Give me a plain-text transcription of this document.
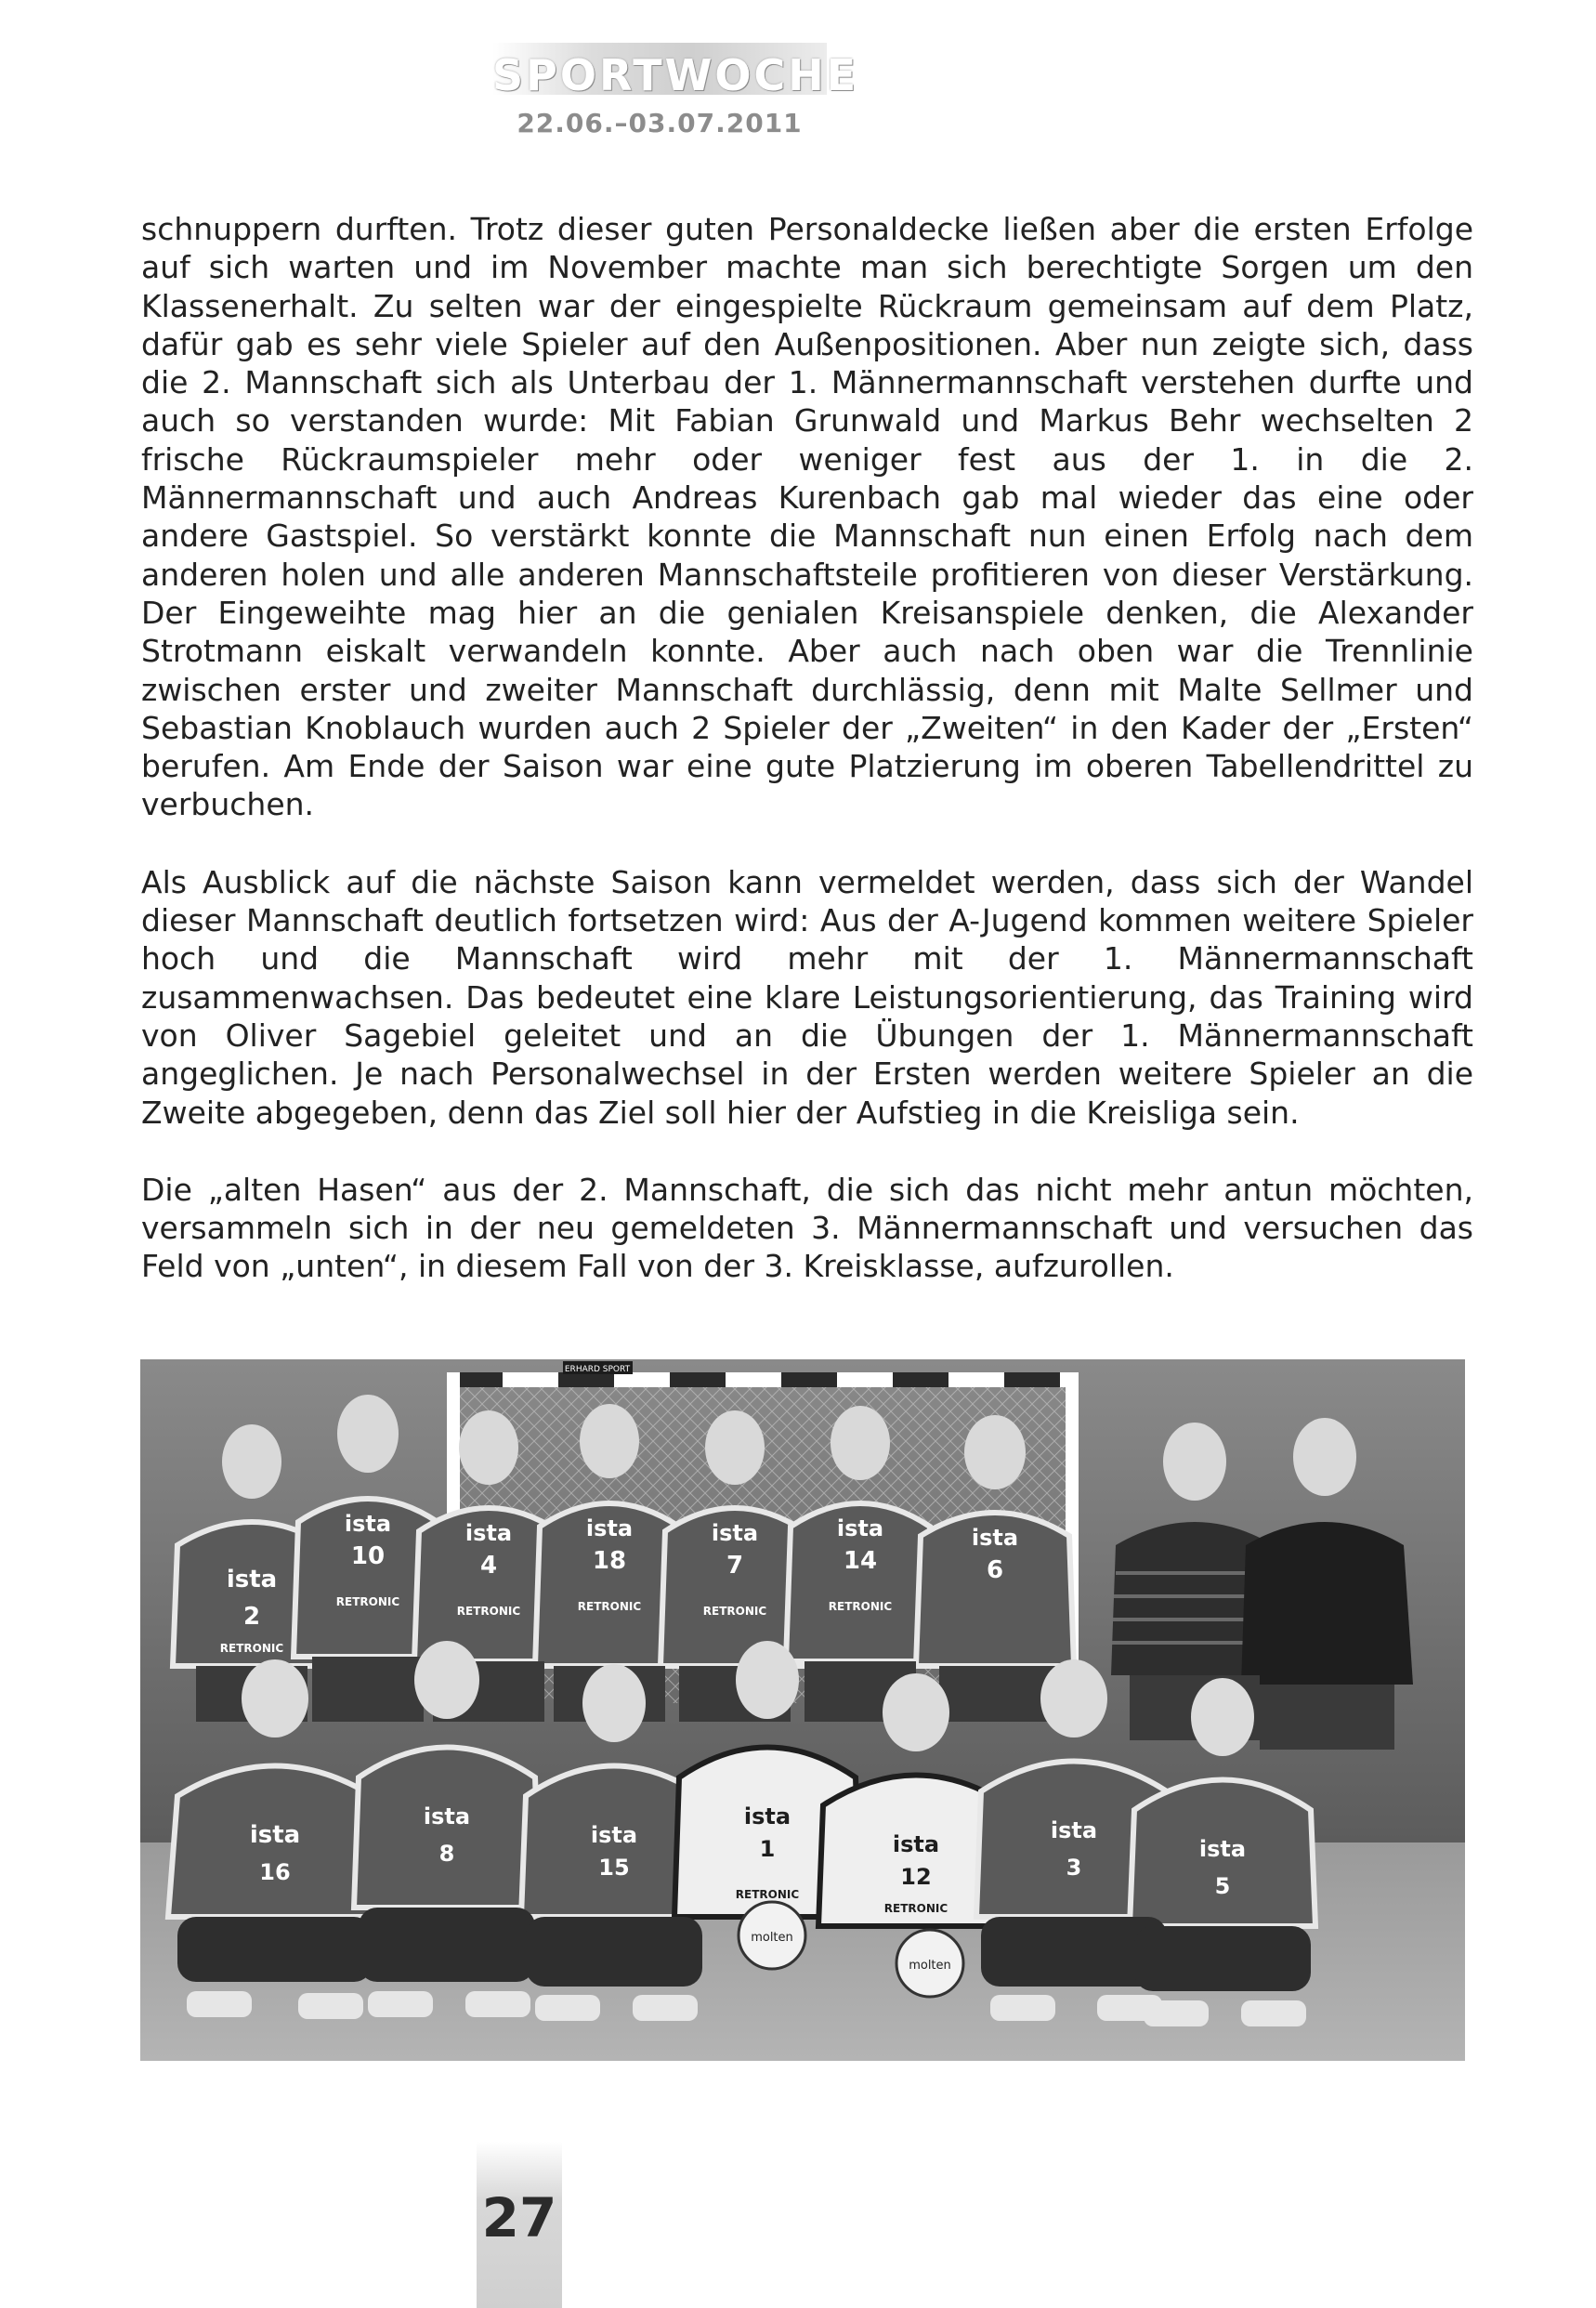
SPORTWOCHE
22.06.–03.07.2011

schnuppern durften. Trotz dieser guten Personaldecke ließen aber die ersten Erfolge auf sich warten und im November machte man sich berechtigte Sorgen um den Klassenerhalt. Zu selten war der eingespielte Rückraum gemeinsam auf dem Platz, dafür gab es sehr viele Spieler auf den Außenpositionen. Aber nun zeigte sich, dass die 2. Mannschaft sich als Unterbau der 1. Männermannschaft verstehen durfte und auch so verstanden wurde: Mit Fabian Grunwald und Markus Behr wechselten 2 frische Rückraumspieler mehr oder weniger fest aus der 1. in die 2. Männermannschaft und auch Andreas Kurenbach gab mal wieder das eine oder andere Gastspiel. So verstärkt konnte die Mannschaft nun einen Erfolg nach dem anderen holen und alle anderen Mannschaftsteile profitieren von dieser Verstärkung. Der Eingeweihte mag hier an die genialen Kreisanspiele denken, die Alexander Strotmann eiskalt verwandeln konnte. Aber auch nach oben war die Trennlinie zwischen erster und zweiter Mannschaft durchlässig, denn mit Malte Sellmer und Sebastian Knoblauch wurden auch 2 Spieler der „Zweiten“ in den Kader der „Ersten“ berufen. Am Ende der Saison war eine gute Platzierung im oberen Tabellendrittel zu verbuchen.

Als Ausblick auf die nächste Saison kann vermeldet werden, dass sich der Wandel dieser Mannschaft deutlich fortsetzen wird: Aus der A-Jugend kommen weitere Spieler hoch und die Mannschaft wird mehr mit der 1. Männermannschaft zusammenwachsen. Das bedeutet eine klare Leistungsorientierung, das Training wird von Oliver Sagebiel geleitet und an die Übungen der 1. Männermannschaft angeglichen. Je nach Personalwechsel in der Ersten werden weitere Spieler an die Zweite abgegeben, denn das Ziel soll hier der Aufstieg in die Kreisliga sein.

Die „alten Hasen“ aus der 2. Mannschaft, die sich das nicht mehr antun möchten, versammeln sich in der neu gemeldeten 3. Männermannschaft und versuchen das Feld von „unten“, in diesem Fall von der 3. Kreisklasse, aufzurollen.

ERHARD SPORT
ista
2
ista
10
ista
4
ista
18
ista
7
ista
14
ista
6
RETRONIC
RETRONIC
RETRONIC	RETRONIC	RETRONIC	RETRONIC
ista
16
ista
8
ista
15
ista
1	ista
12
ista
3
ista
5
RETRONIC
RETRONIC
molten
molten
27
